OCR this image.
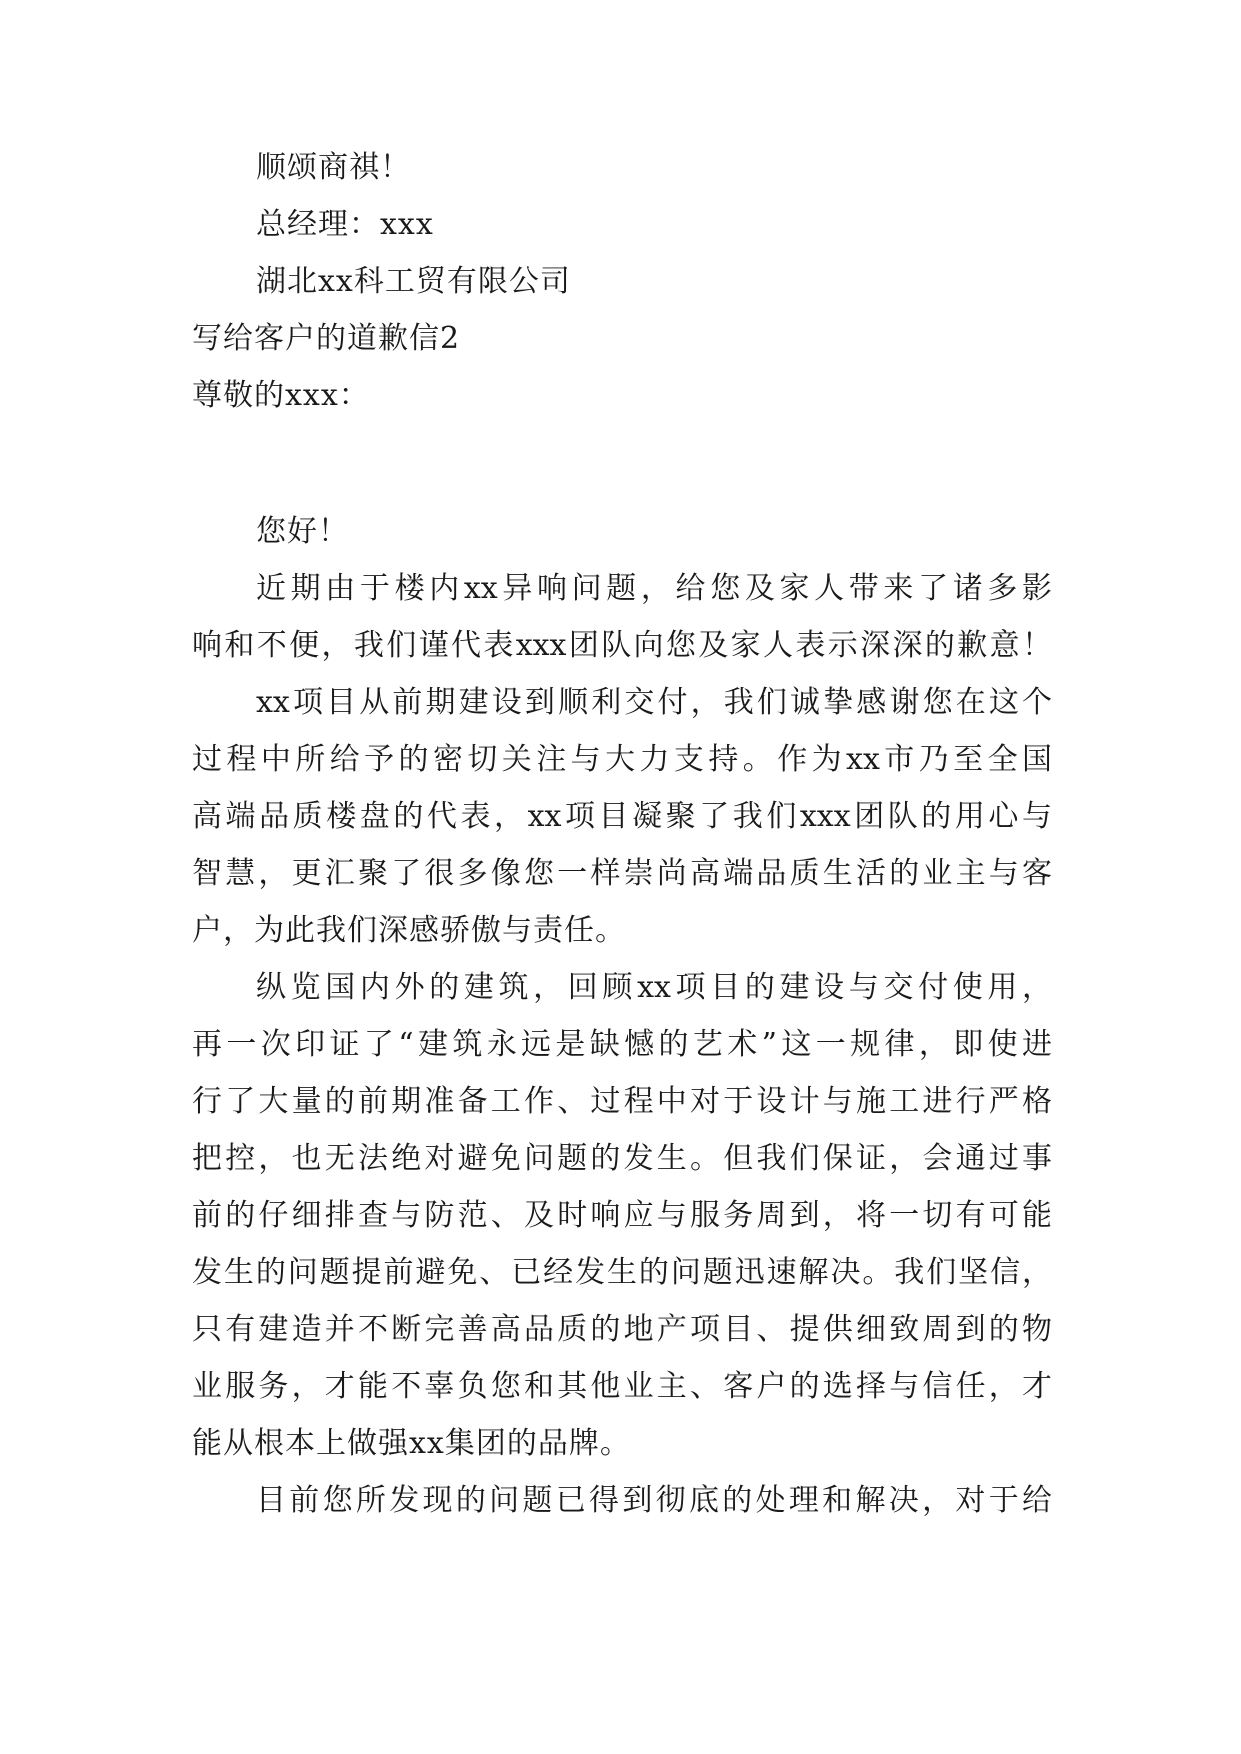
顺颂商祺！
总经理：xxx
湖北xx科工贸有限公司
写给客户的道歉信2
尊敬的xxx：
您好！
近期由于楼内xx异响问题，给您及家人带来了诸多影
响和不便，我们谨代表xxx团队向您及家人表示深深的歉意！
xx项目从前期建设到顺利交付，我们诚挚感谢您在这个
过程中所给予的密切关注与大力支持。作为xx市乃至全国
高端品质楼盘的代表，xx项目凝聚了我们xxx团队的用心与
智慧，更汇聚了很多像您一样崇尚高端品质生活的业主与客
户，为此我们深感骄傲与责任。
纵览国内外的建筑，回顾xx项目的建设与交付使用，
再一次印证了“建筑永远是缺憾的艺术”这一规律，即使进
行了大量的前期准备工作、过程中对于设计与施工进行严格
把控，也无法绝对避免问题的发生。但我们保证，会通过事
前的仔细排查与防范、及时响应与服务周到，将一切有可能
发生的问题提前避免、已经发生的问题迅速解决。我们坚信，
只有建造并不断完善高品质的地产项目、提供细致周到的物
业服务，才能不辜负您和其他业主、客户的选择与信任，才
能从根本上做强xx集团的品牌。
目前您所发现的问题已得到彻底的处理和解决，对于给
